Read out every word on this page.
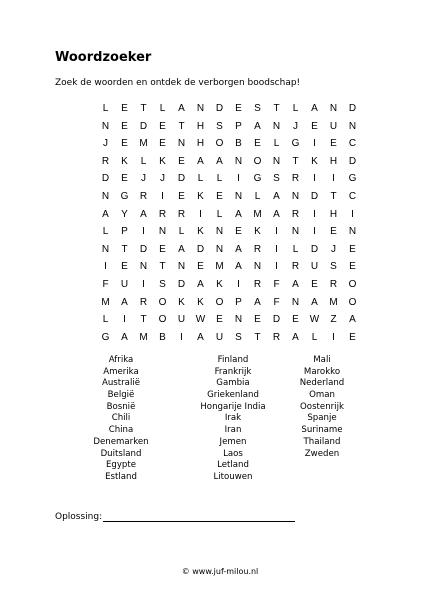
Woordzoeker
Zoek de woorden en ontdek de verborgen boodschap!
L	E	T	L	A	N	D	E	S	T	L	A	N	D
N	E	D	E	T	H	S	P	A	N	J	E	U	N
J	E	M	E	N	H	O	B	E	L	G	I	E	C
R	K	L	K	E	A	A	N	O	N	T	K	H	D
D	E	J	J	D	L	L	I	G	S	R	I	I	G
N	G	R	I	E	K	E	N	L	A	N	D	T	C
A	Y	A	R	R	I	L	A	M	A	R	I	H	I
L	P	I	N	L	K	N	E	K	I	N	I	E	N
N	T	D	E	A	D	N	A	R	I	L	D	J	E
I	E	N	T	N	E	M	A	N	I	R	U	S	E
F	U	I	S	D	A	K	I	R	F	A	E	R	O
M	A	R	O	K	K	O	P	A	F	N	A	M	O
L	I	T	O	U	W	E	N	E	D	E	W	Z	A
G	A	M	B	I	A	U	S	T	R	A	L	I	E
Afrika
Amerika
Australië
België
Bosnië
Chili
China
Denemarken
Duitsland
Egypte
Estland
Finland
Frankrijk
Gambia
Griekenland
Hongarije India
Irak
Iran
Jemen
Laos
Letland
Litouwen
Mali
Marokko
Nederland
Oman
Oostenrijk
Spanje
Suriname
Thailand
Zweden
Oplossing:
© www.juf-milou.nl
